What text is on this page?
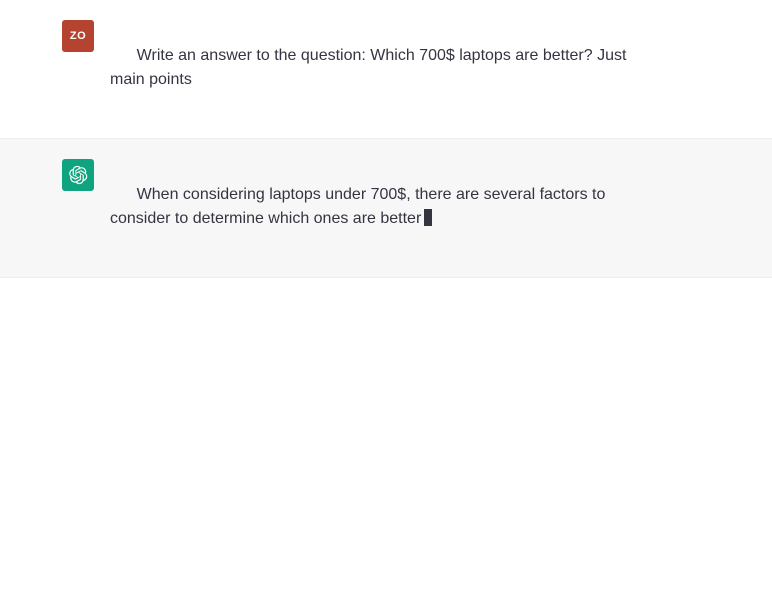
ZO

Write an answer to the question: Which 700$ laptops are better? Just main points

When considering laptops under 700$, there are several factors to consider to determine which ones are better
